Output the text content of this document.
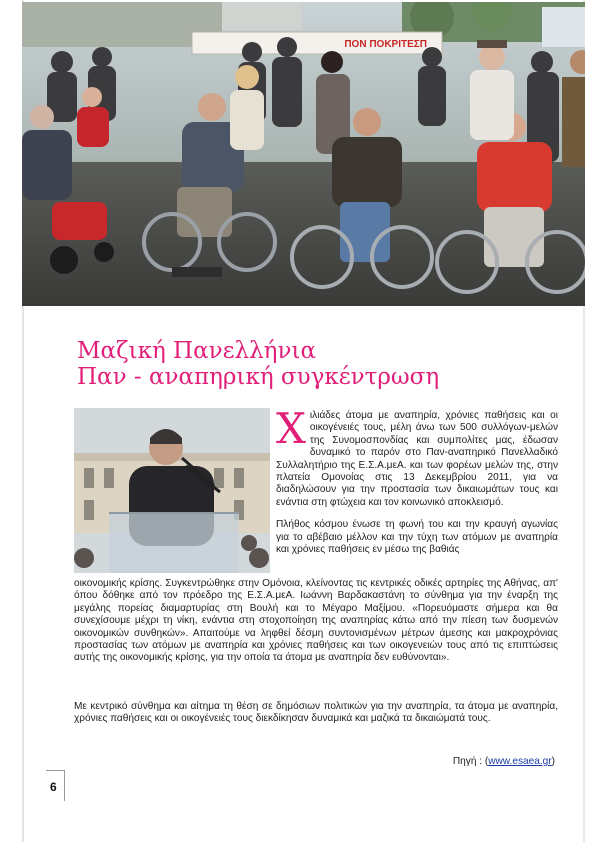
ΠΟΝ ΠΟΚΡΙΤΕΣΠ
Μαζική Πανελλήνια
Παν - αναπηρική συγκέντρωση

Χιλιάδες άτομα με αναπηρία, χρόνιες παθήσεις και οι οικογένειές τους, μέλη άνω των 500 συλλόγων-μελών της Συνομοσπονδίας και συμπολίτες μας, έδωσαν δυναμικό το παρόν στο Παν-αναπηρικό Πανελλαδικό Συλλαλητήριο της Ε.Σ.Α.μεΑ. και των φορέων μελών της, στην πλατεία Ομονοίας στις 13 Δεκεμβρίου 2011, για να διαδηλώσουν για την προστασία των δικαιωμάτων τους και ενάντια στη φτώχεια και τον κοινωνικό αποκλεισμό.

Πλήθος κόσμου ένωσε τη φωνή του και την κραυγή αγωνίας για το αβέβαιο μέλλον και την τύχη των ατόμων με αναπηρία και χρόνιες παθήσεις εν μέσω της βαθιάς

οικονομικής κρίσης. Συγκεντρώθηκε στην Ομόνοια, κλείνοντας τις κεντρικές οδικές αρτηρίες της Αθήνας, απ' όπου δόθηκε από τον πρόεδρο της Ε.Σ.Α.μεΑ. Ιωάννη Βαρδακαστάνη το σύνθημα για την έναρξη της μεγάλης πορείας διαμαρτυρίας στη Βουλή και το Μέγαρο Μαξίμου. «Πορευόμαστε σήμερα και θα συνεχίσουμε μέχρι τη νίκη, ενάντια στη στοχοποίηση της αναπηρίας κάτω από την πίεση των δυσμενών οικονομικών συνθηκών». Απαιτούμε να ληφθεί δέσμη συντονισμένων μέτρων άμεσης και μακροχρόνιας προστασίας των ατόμων με αναπηρία και χρόνιες παθήσεις και των οικογενειών τους από τις επιπτώσεις αυτής της οικονομικής κρίσης, για την οποία τα άτομα με αναπηρία δεν ευθύνονται».

Με κεντρικό σύνθημα και αίτημα τη θέση σε δημόσιων πολιτικών για την αναπηρία, τα άτομα με αναπηρία, χρόνιες παθήσεις και οι οικογένειές τους διεκδίκησαν δυναμικά και μαζικά τα δικαιώματά τους.

Πηγή : (www.esaea.gr)
6
